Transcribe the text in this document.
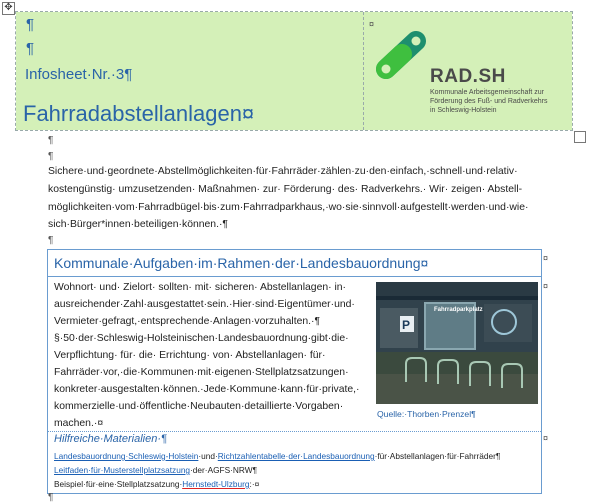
✥
¶
¶
Infosheet·Nr.·3¶
Fahrradabstellanlagen¤
¤
RAD.SH
Kommunale Arbeitsgemeinschaft zur
Förderung des Fuß- und Radverkehrs
in Schleswig-Holstein
¶
¶
Sichere·und·geordnete·Abstellmöglichkeiten·für·Fahrräder·zählen·zu·den·einfach,·schnell·und·relativ·
kostengünstig· umzusetzenden· Maßnahmen· zur· Förderung· des· Radverkehrs.· Wir· zeigen· Abstell-
möglichkeiten·vom·Fahrradbügel·bis·zum·Fahrradparkhaus,·wo·sie·sinnvoll·aufgestellt·werden·und·wie·
sich·Bürger*innen·beteiligen·können.·¶
¶
Kommunale·Aufgaben·im·Rahmen·der·Landesbauordnung¤	¤
¤
¤
Wohnort· und· Zielort· sollten· mit· sicheren· Abstellanlagen· in·
ausreichender·Zahl·ausgestattet·sein.·Hier·sind·Eigentümer·und·
Vermieter·gefragt,·entsprechende·Anlagen·vorzuhalten.·¶
§·50·der·Schleswig-Holsteinischen·Landesbauordnung·gibt·die·
Verpflichtung· für· die· Errichtung· von· Abstellanlagen· für·
Fahrräder·vor,·die·Kommunen·mit·eigenen·Stellplatzsatzungen·
konkreter·ausgestalten·können.·Jede·Kommune·kann·für·private,·
kommerzielle·und·öffentliche·Neubauten·detaillierte·Vorgaben·
machen.·¤
P
Fahrradparkplatz
Quelle:·Thorben·Prenzel¶
Hilfreiche·Materialien·¶
Landesbauordnung·Schleswig-Holstein·und·Richtzahlentabelle·der·Landesbauordnung·für·Abstellanlagen·für·Fahrräder¶
Leitfaden·für·Musterstellplatzsatzung·der·AGFS·NRW¶
Beispiel·für·eine·Stellplatzsatzung·Hernstedt-Ulzburg:·¤
¶
